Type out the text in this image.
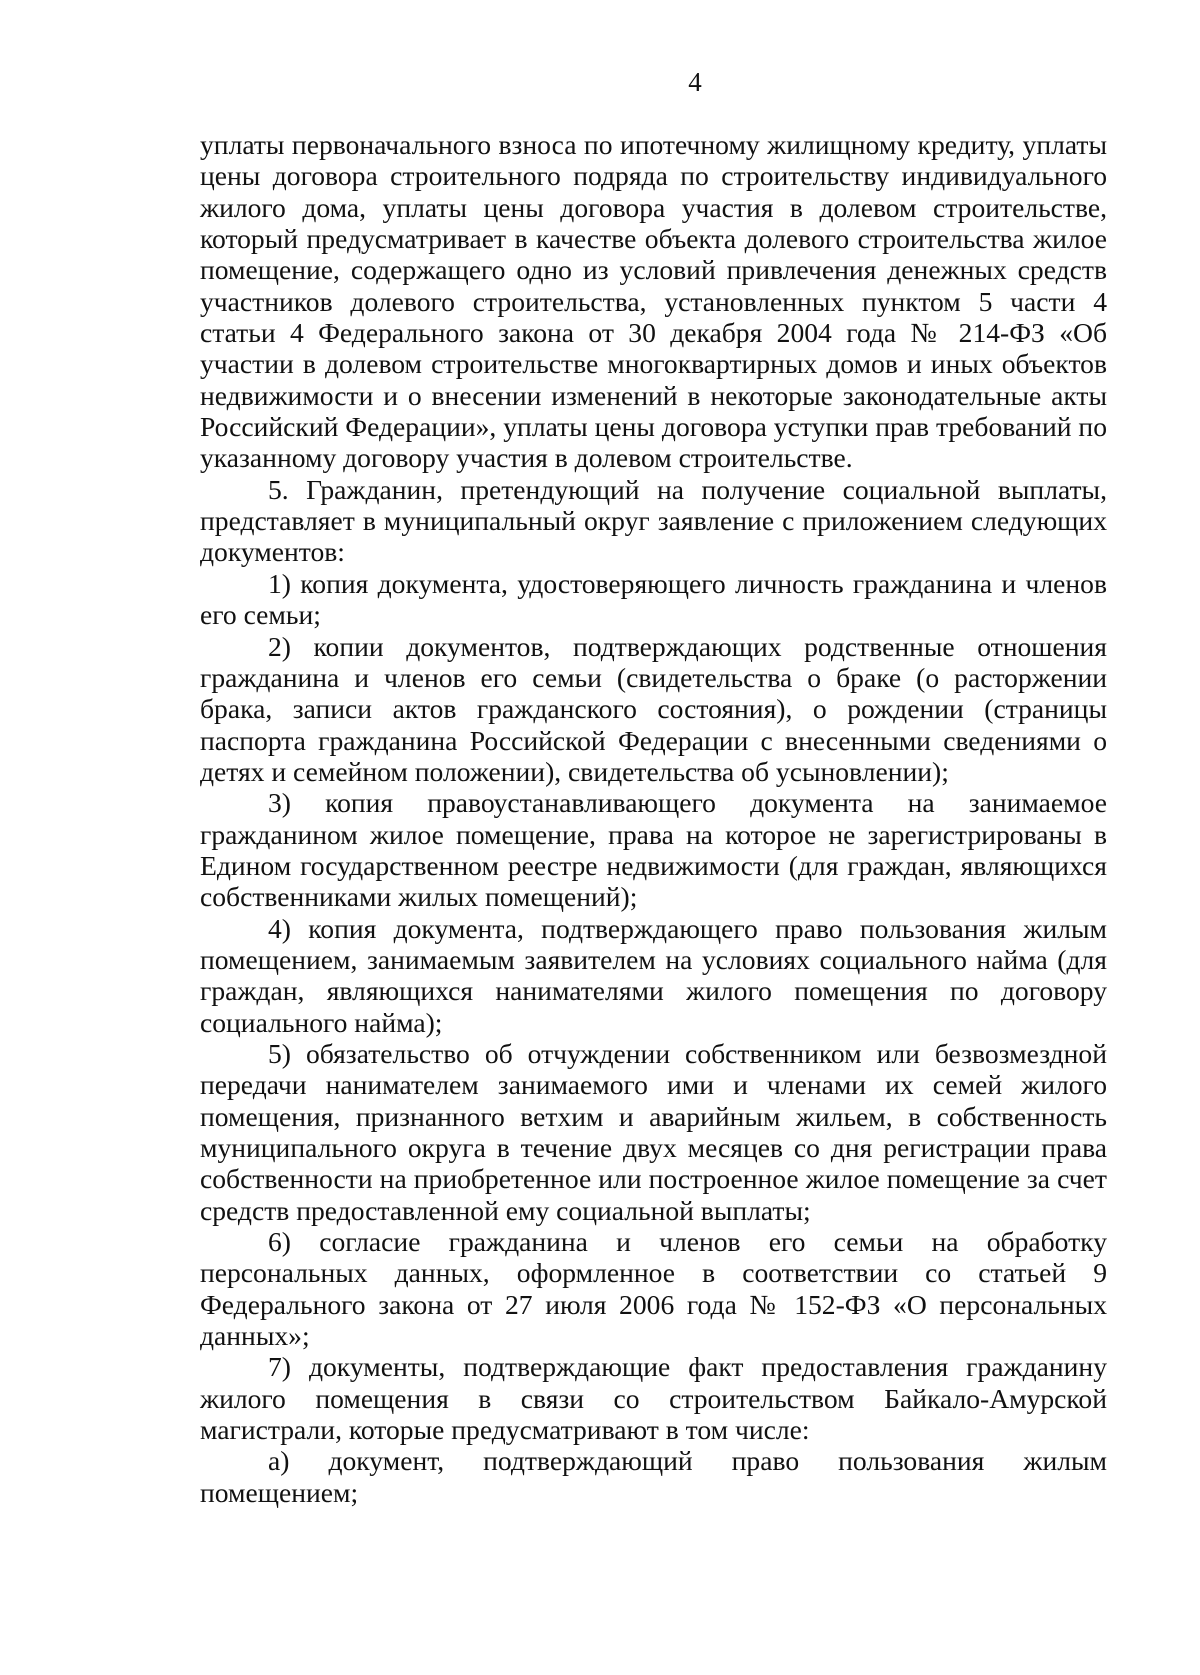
4

уплаты первоначального взноса по ипотечному жилищному кредиту, уплаты цены договора строительного подряда по строительству индивидуального жилого дома, уплаты цены договора участия в долевом строительстве, который предусматривает в качестве объекта долевого строительства жилое помещение, содержащего одно из условий привлечения денежных средств участников долевого строительства, установленных пунктом 5 части 4 статьи 4 Федерального закона от 30 декабря 2004 года № 214-ФЗ «Об участии в долевом строительстве многоквартирных домов и иных объектов недвижимости и о внесении изменений в некоторые законодательные акты Российский Федерации», уплаты цены договора уступки прав требований по указанному договору участия в долевом строительстве.

5. Гражданин, претендующий на получение социальной выплаты, представляет в муниципальный округ заявление с приложением следующих документов:

1) копия документа, удостоверяющего личность гражданина и членов его семьи;

2) копии документов, подтверждающих родственные отношения гражданина и членов его семьи (свидетельства о браке (о расторжении брака, записи актов гражданского состояния), о рождении (страницы паспорта гражданина Российской Федерации с внесенными сведениями о детях и семейном положении), свидетельства об усыновлении);

3) копия правоустанавливающего документа на занимаемое гражданином жилое помещение, права на которое не зарегистрированы в Едином государственном реестре недвижимости (для граждан, являющихся собственниками жилых помещений);

4) копия документа, подтверждающего право пользования жилым помещением, занимаемым заявителем на условиях социального найма (для граждан, являющихся нанимателями жилого помещения по договору социального найма);

5) обязательство об отчуждении собственником или безвозмездной передачи нанимателем занимаемого ими и членами их семей жилого помещения, признанного ветхим и аварийным жильем, в собственность муниципального округа в течение двух месяцев со дня регистрации права собственности на приобретенное или построенное жилое помещение за счет средств предоставленной ему социальной выплаты;

6) согласие гражданина и членов его семьи на обработку персональных данных, оформленное в соответствии со статьей 9 Федерального закона от 27 июля 2006 года № 152-ФЗ «О персональных данных»;

7) документы, подтверждающие факт предоставления гражданину жилого помещения в связи со строительством Байкало-Амурской магистрали, которые предусматривают в том числе:

а) документ, подтверждающий право пользования жилым помещением;
